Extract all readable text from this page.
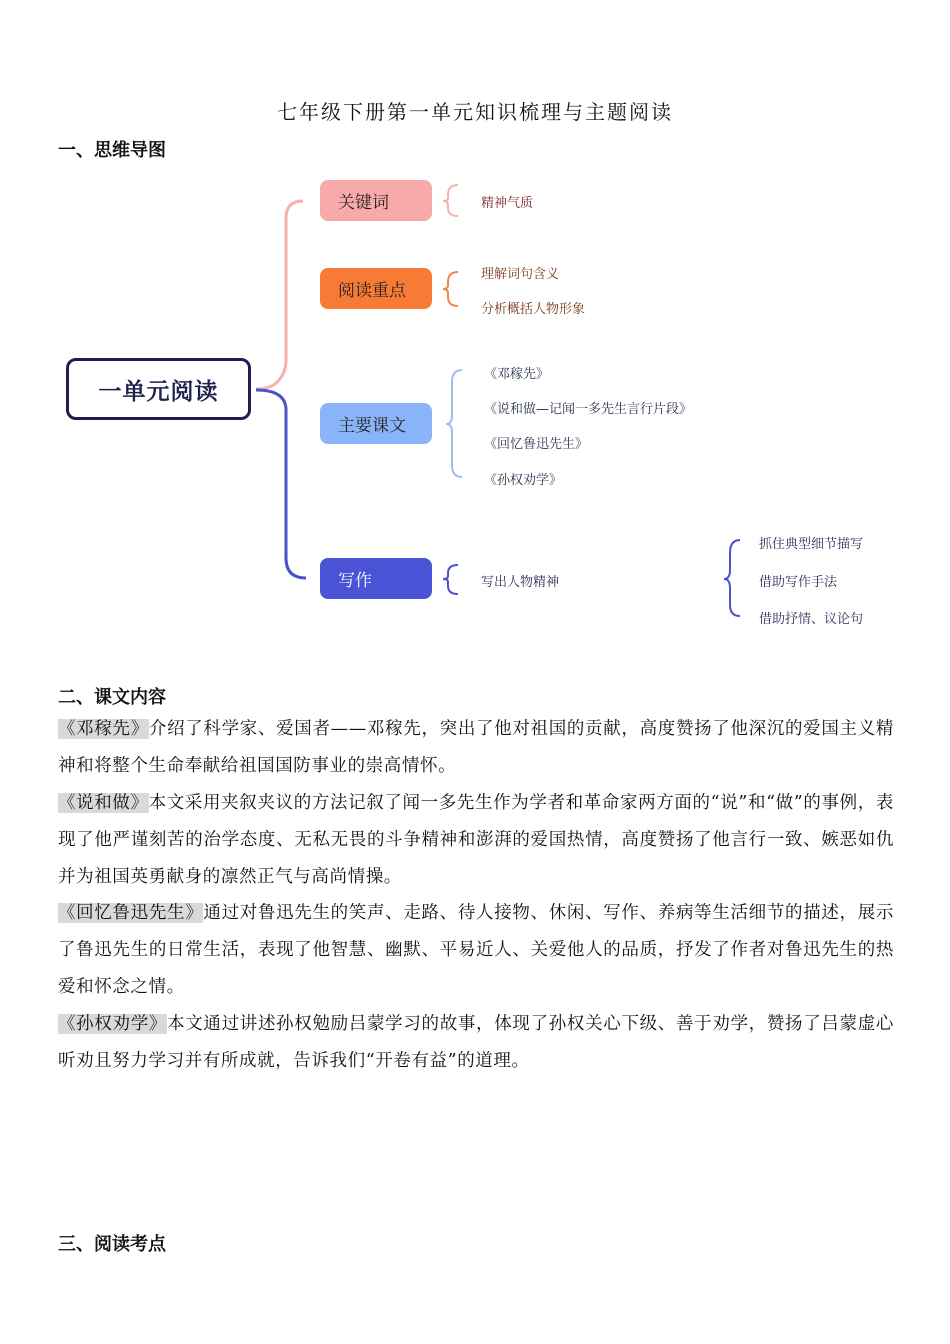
七年级下册第一单元知识梳理与主题阅读
一、思维导图
一单元阅读
关键词
阅读重点
主要课文
写作
精神气质
理解词句含义
分析概括人物形象
《邓稼先》
《说和做—记闻一多先生言行片段》
《回忆鲁迅先生》
《孙权劝学》
写出人物精神
抓住典型细节描写
借助写作手法
借助抒情、议论句
二、课文内容
《邓稼先》介绍了科学家、爱国者——邓稼先，突出了他对祖国的贡献，高度赞扬了他深沉的爱国主义精神和将整个生命奉献给祖国国防事业的崇高情怀。
《说和做》本文采用夹叙夹议的方法记叙了闻一多先生作为学者和革命家两方面的“说”和“做”的事例，表现了他严谨刻苦的治学态度、无私无畏的斗争精神和澎湃的爱国热情，高度赞扬了他言行一致、嫉恶如仇并为祖国英勇献身的凛然正气与高尚情操。
《回忆鲁迅先生》通过对鲁迅先生的笑声、走路、待人接物、休闲、写作、养病等生活细节的描述，展示了鲁迅先生的日常生活，表现了他智慧、幽默、平易近人、关爱他人的品质，抒发了作者对鲁迅先生的热爱和怀念之情。
《孙权劝学》本文通过讲述孙权勉励吕蒙学习的故事，体现了孙权关心下级、善于劝学，赞扬了吕蒙虚心听劝且努力学习并有所成就，告诉我们“开卷有益”的道理。
三、阅读考点
